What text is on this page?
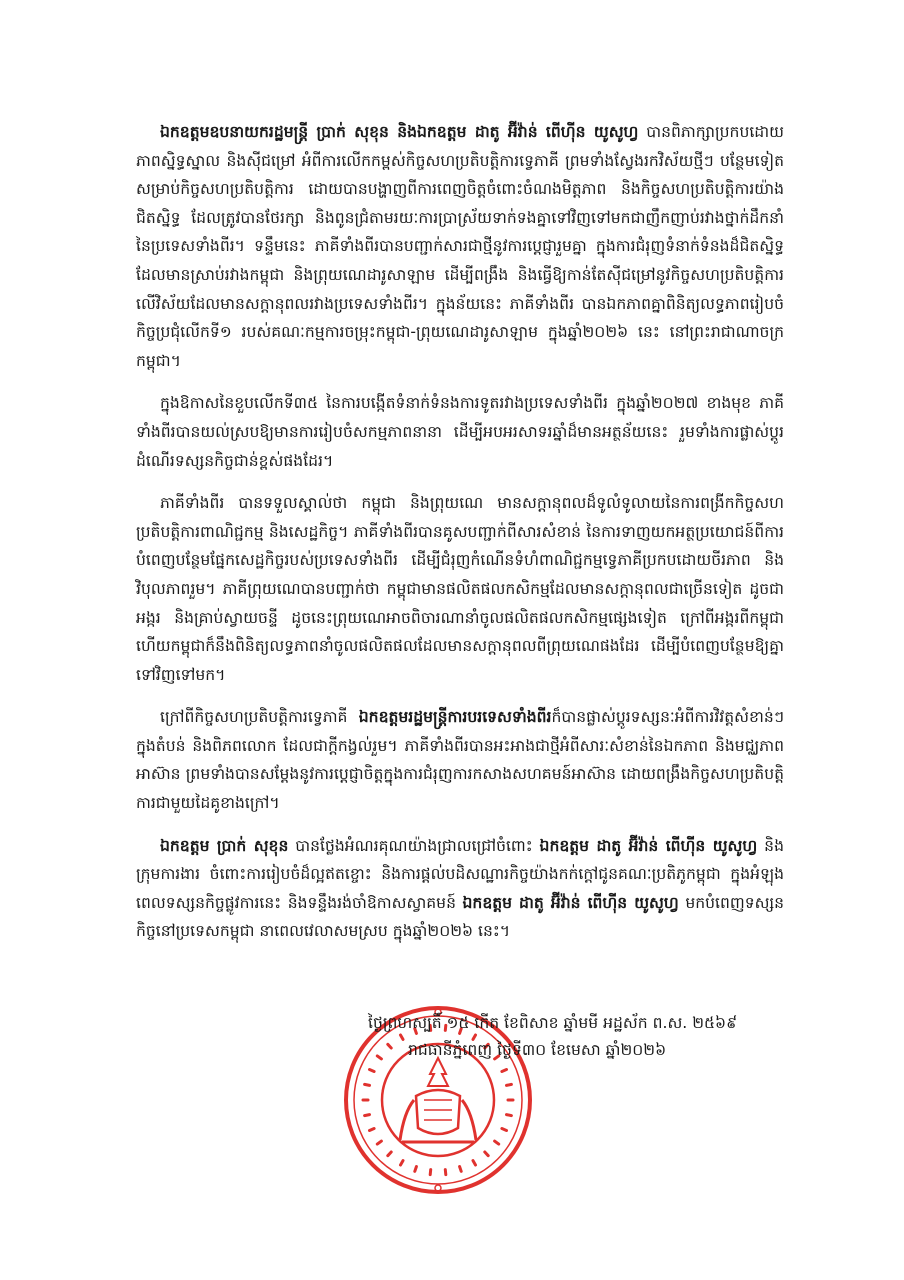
ឯកឧត្តមឧបនាយករដ្ឋមន្ត្រី ប្រាក់ សុខុន និងឯកឧត្តម ដាតូ អ៊ីវ៉ាន់ ពើហ៊ីន យូសូហ្វ បានពិភាក្សាប្រកបដោយភាពស្និទ្ធស្នាល និងស៊ីជម្រៅ អំពីការលើកកម្ពស់កិច្ចសហប្រតិបត្តិការទ្វេភាគី ព្រមទាំងស្វែងរកវិស័យថ្មីៗ បន្ថែមទៀតសម្រាប់កិច្ចសហប្រតិបត្តិការ ដោយបានបង្ហាញពីការពេញចិត្តចំពោះចំណងមិត្តភាព និងកិច្ចសហប្រតិបត្តិការយ៉ាងជិតស្និទ្ធ ដែលត្រូវបានថែរក្សា និងពូនជ្រំតាមរយៈការប្រាស្រ័យទាក់ទងគ្នាទៅវិញទៅមកជាញឹកញាប់រវាងថ្នាក់ដឹកនាំនៃប្រទេសទាំងពីរ។ ទន្ទឹមនេះ ភាគីទាំងពីរបានបញ្ជាក់សារជាថ្មីនូវការប្តេជ្ញារួមគ្នា ក្នុងការជំរុញទំនាក់ទំនងដ៏ជិតស្និទ្ធដែលមានស្រាប់រវាងកម្ពុជា និងព្រុយណេដារូសាឡាម ដើម្បីពង្រឹង និងធ្វើឱ្យកាន់តែស៊ីជម្រៅនូវកិច្ចសហប្រតិបត្តិការ លើវិស័យដែលមានសក្តានុពលរវាងប្រទេសទាំងពីរ។ ក្នុងន័យនេះ ភាគីទាំងពីរ បានឯកភាពគ្នាពិនិត្យលទ្ធភាពរៀបចំកិច្ចប្រជុំលើកទី១ របស់គណៈកម្មការចម្រុះកម្ពុជា-ព្រុយណេដារូសាឡាម ក្នុងឆ្នាំ២០២៦ នេះ នៅព្រះរាជាណាចក្រកម្ពុជា។

ក្នុងឱកាសនៃខួបលើកទី៣៥ នៃការបង្កើតទំនាក់ទំនងការទូតរវាងប្រទេសទាំងពីរ ក្នុងឆ្នាំ២០២៧ ខាងមុខ ភាគីទាំងពីរបានយល់ស្របឱ្យមានការរៀបចំសកម្មភាពនានា ដើម្បីអបអរសាទរឆ្នាំដ៏មានអត្ថន័យនេះ រួមទាំងការផ្លាស់ប្តូរដំណើរទស្សនកិច្ចជាន់ខ្ពស់ផងដែរ។

ភាគីទាំងពីរ បានទទួលស្គាល់ថា កម្ពុជា និងព្រុយណេ មានសក្តានុពលដ៏ទូលំទូលាយនៃការពង្រីកកិច្ចសហប្រតិបត្តិការពាណិជ្ជកម្ម និងសេដ្ឋកិច្ច។ ភាគីទាំងពីរបានគូសបញ្ជាក់ពីសារសំខាន់ នៃការទាញយកអត្ថប្រយោជន៍ពីការបំពេញបន្ថែមផ្នែកសេដ្ឋកិច្ចរបស់ប្រទេសទាំងពីរ ដើម្បីជំរុញកំណើនទំហំពាណិជ្ជកម្មទ្វេភាគីប្រកបដោយចីរភាព និងវិបុលភាពរួម។ ភាគីព្រុយណេបានបញ្ជាក់ថា កម្ពុជាមានផលិតផលកសិកម្មដែលមានសក្តានុពលជាច្រើនទៀត ដូចជា អង្ករ និងគ្រាប់ស្វាយចន្ទី ដូចនេះព្រុយណេអាចពិចារណានាំចូលផលិតផលកសិកម្មផ្សេងទៀត ក្រៅពីអង្ករពីកម្ពុជា ហើយកម្ពុជាក៏នឹងពិនិត្យលទ្ធភាពនាំចូលផលិតផលដែលមានសក្តានុពលពីព្រុយណេផងដែរ ដើម្បីបំពេញបន្ថែមឱ្យគ្នាទៅវិញទៅមក។

ក្រៅពីកិច្ចសហប្រតិបត្តិការទ្វេភាគី ឯកឧត្តមរដ្ឋមន្ត្រីការបរទេសទាំងពីរក៏បានផ្លាស់ប្តូរទស្សនៈអំពីការវិវត្តសំខាន់ៗ ក្នុងតំបន់ និងពិភពលោក ដែលជាក្តីកង្វល់រួម។ ភាគីទាំងពីរបានអះអាងជាថ្មីអំពីសារៈសំខាន់នៃឯកភាព និងមជ្ឈភាពអាស៊ាន ព្រមទាំងបានសម្តែងនូវការប្តេជ្ញាចិត្តក្នុងការជំរុញការកសាងសហគមន៍អាស៊ាន ដោយពង្រឹងកិច្ចសហប្រតិបត្តិការជាមួយដៃគូខាងក្រៅ។

ឯកឧត្តម ប្រាក់ សុខុន បានថ្លែងអំណរគុណយ៉ាងជ្រាលជ្រៅចំពោះ ឯកឧត្តម ដាតូ អ៊ីវ៉ាន់ ពើហ៊ីន យូសូហ្វ និងក្រុមការងារ ចំពោះការរៀបចំដ៏ល្អឥតខ្ចោះ និងការផ្តល់បដិសណ្ឋារកិច្ចយ៉ាងកក់ក្តៅជូនគណៈប្រតិភូកម្ពុជា ក្នុងអំឡុងពេលទស្សនកិច្ចផ្លូវការនេះ និងទន្ទឹងរង់ចាំឱកាសស្វាគមន៍ ឯកឧត្តម ដាតូ អ៊ីវ៉ាន់ ពើហ៊ីន យូសូហ្វ មកបំពេញទស្សនកិច្ចនៅប្រទេសកម្ពុជា នាពេលវេលាសមស្រប ក្នុងឆ្នាំ២០២៦ នេះ។

ថ្ងៃព្រហស្បតិ៍ ១៥ កើត ខែពិសាខ ឆ្នាំមមី អដ្ឋស័ក ព.ស. ២៥៦៩
រាជធានីភ្នំពេញ ថ្ងៃទី៣០ ខែមេសា ឆ្នាំ២០២៦
